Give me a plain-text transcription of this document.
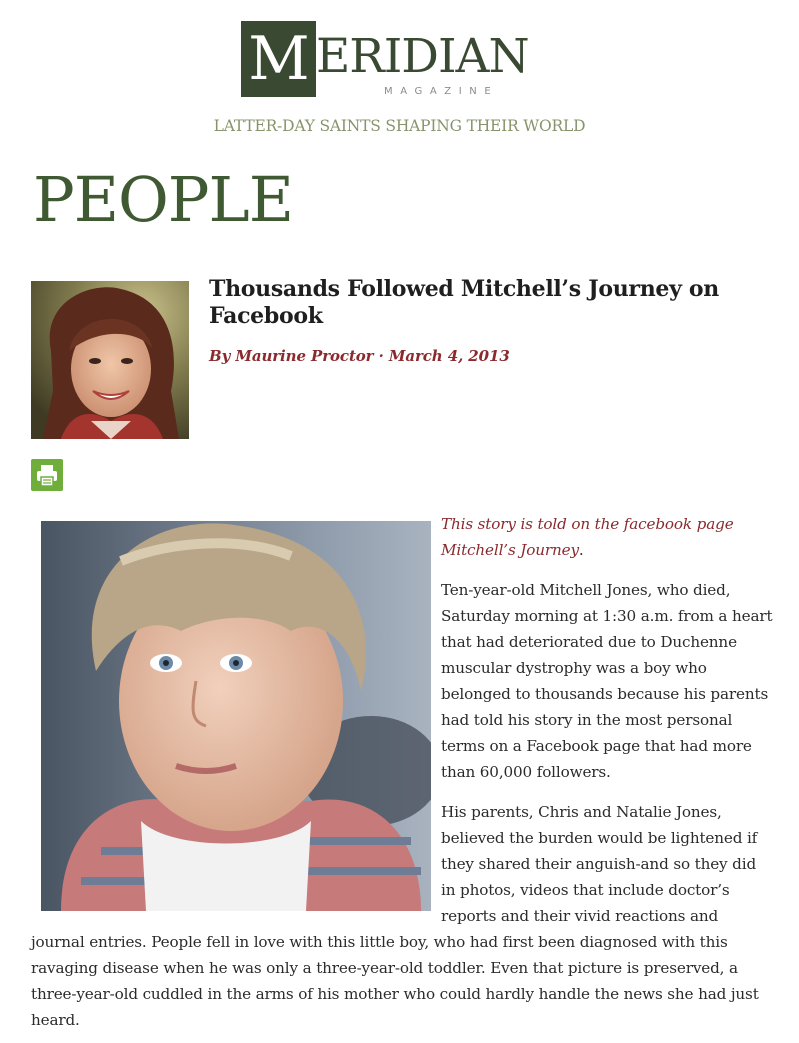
M ERIDIAN
MAGAZINE
LATTER-DAY SAINTS SHAPING THEIR WORLD
PEOPLE
Thousands Followed Mitchell’s Journey on
Facebook
By Maurine Proctor · March 4, 2013
This story is told on the facebook page
Mitchell’s Journey.
Ten-year-old Mitchell Jones, who died,
Saturday morning at 1:30 a.m. from a heart
that had deteriorated due to Duchenne
muscular dystrophy was a boy who
belonged to thousands because his parents
had told his story in the most personal
terms on a Facebook page that had more
than 60,000 followers.
His parents, Chris and Natalie Jones,
believed the burden would be lightened if
they shared their anguish-and so they did
in photos, videos that include doctor’s
reports and their vivid reactions and
journal entries. People fell in love with this little boy, who had first been diagnosed with this
ravaging disease when he was only a three-year-old toddler. Even that picture is preserved, a
three-year-old cuddled in the arms of his mother who could hardly handle the news she had just
heard.
